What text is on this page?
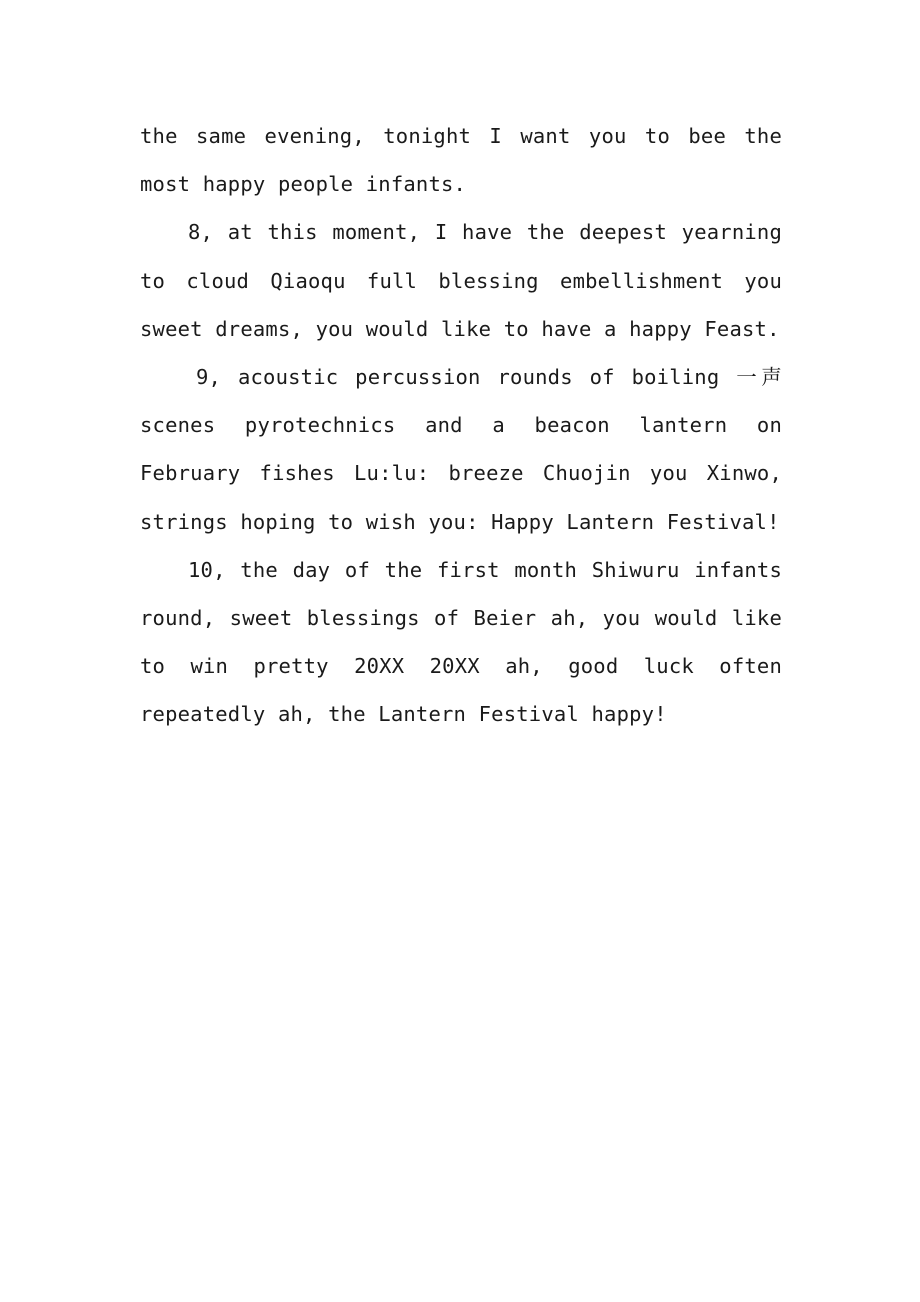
the same evening, tonight I want you to bee the most happy people infants.

8, at this moment, I have the deepest yearning to cloud Qiaoqu full blessing embellishment you sweet dreams, you would like to have a happy Feast.

9, acoustic percussion rounds of boiling 一声 scenes pyrotechnics and a beacon lantern on February fishes Lu:lu: breeze Chuojin you Xinwo, strings hoping to wish you: Happy Lantern Festival!

10, the day of the first month Shiwuru infants round, sweet blessings of Beier ah, you would like to win pretty 20XX 20XX ah, good luck often repeatedly ah, the Lantern Festival happy!
